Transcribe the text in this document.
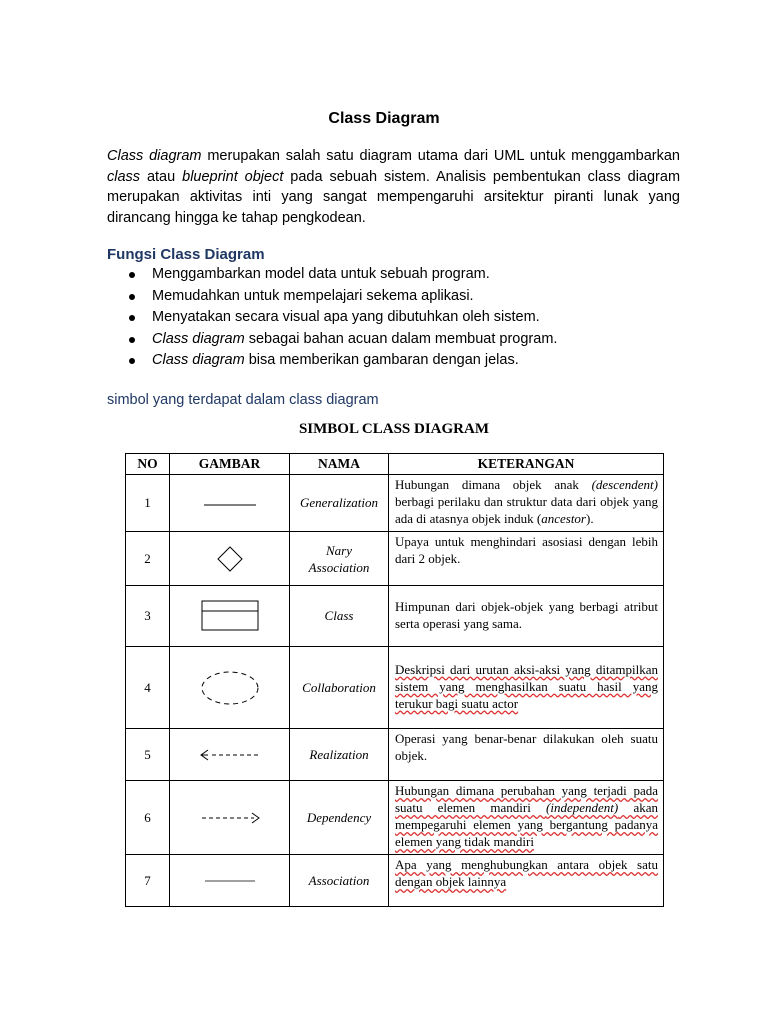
Class Diagram

Class diagram merupakan salah satu diagram utama dari UML untuk menggambarkan class atau blueprint object pada sebuah sistem. Analisis pembentukan class diagram merupakan aktivitas inti yang sangat mempengaruhi arsitektur piranti lunak yang dirancang hingga ke tahap pengkodean.

Fungsi Class Diagram
Menggambarkan model data untuk sebuah program.
Memudahkan untuk mempelajari sekema aplikasi.
Menyatakan secara visual apa yang dibutuhkan oleh sistem.
Class diagram sebagai bahan acuan dalam membuat program.
Class diagram bisa memberikan gambaran dengan jelas.
simbol yang terdapat dalam class diagram
SIMBOL CLASS DIAGRAM
NO	GAMBAR	NAMA	KETERANGAN
1		Generalization	Hubungan dimana objek anak (descendent) berbagi perilaku dan struktur data dari objek yang ada di atasnya objek induk (ancestor).
2		Nary Association	Upaya untuk menghindari asosiasi dengan lebih dari 2 objek.
3		Class	Himpunan dari objek-objek yang berbagi atribut serta operasi yang sama.
4		Collaboration	Deskripsi dari urutan aksi-aksi yang ditampilkan sistem yang menghasilkan suatu hasil yang terukur bagi suatu actor
5		Realization	Operasi yang benar-benar dilakukan oleh suatu objek.
6		Dependency	Hubungan dimana perubahan yang terjadi pada suatu elemen mandiri (independent) akan mempegaruhi elemen yang bergantung padanya elemen yang tidak mandiri
7		Association	Apa yang menghubungkan antara objek satu dengan objek lainnya
